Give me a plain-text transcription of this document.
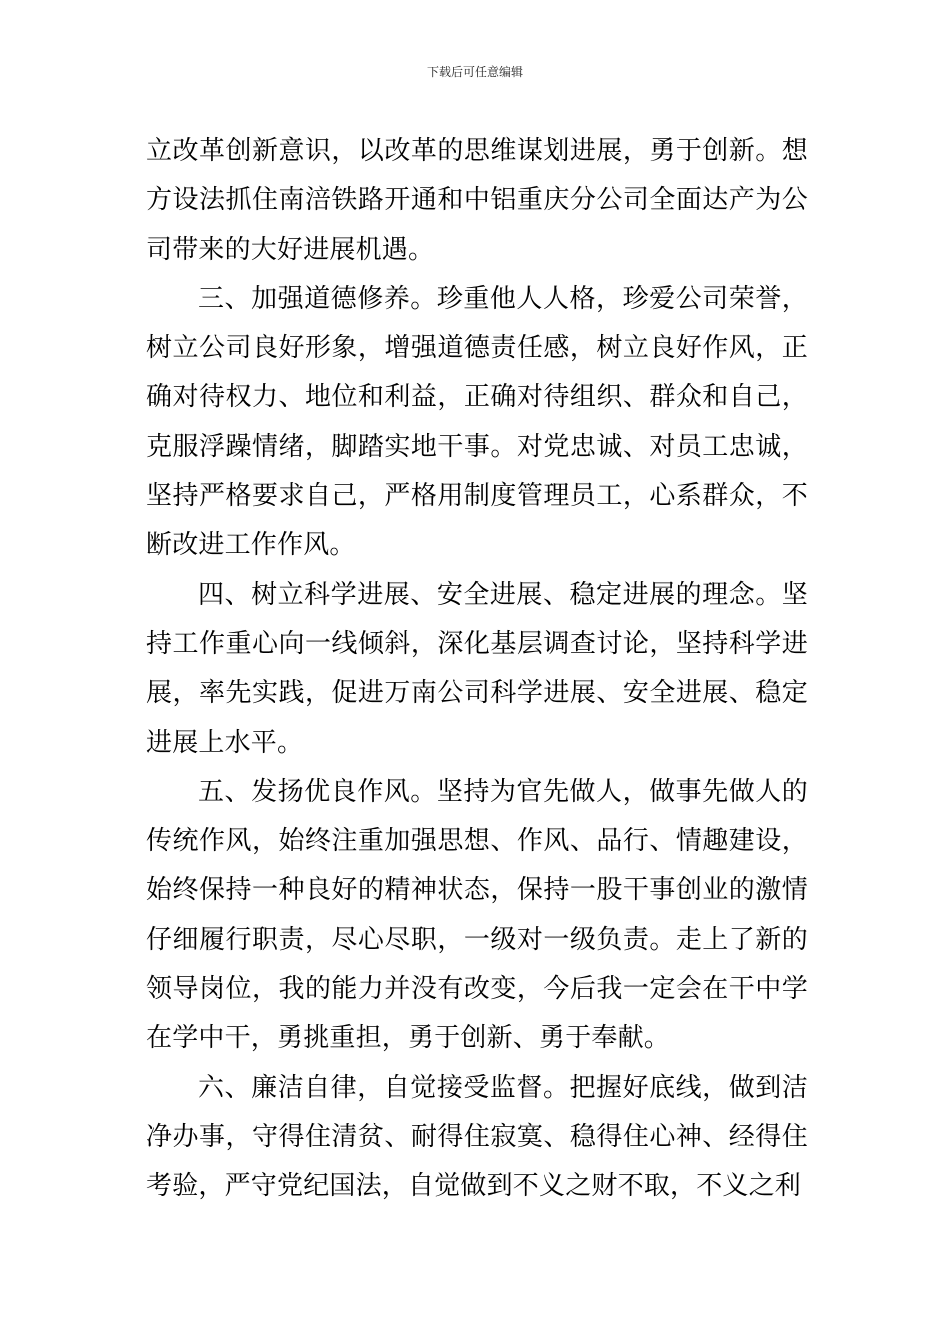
下载后可任意编辑

立改革创新意识，以改革的思维谋划进展，勇于创新。想方设法抓住南涪铁路开通和中铝重庆分公司全面达产为公司带来的大好进展机遇。

三、加强道德修养。珍重他人人格，珍爱公司荣誉，树立公司良好形象，增强道德责任感，树立良好作风，正确对待权力、地位和利益，正确对待组织、群众和自己，克服浮躁情绪，脚踏实地干事。对党忠诚、对员工忠诚，坚持严格要求自己，严格用制度管理员工，心系群众，不断改进工作作风。

四、树立科学进展、安全进展、稳定进展的理念。坚持工作重心向一线倾斜，深化基层调查讨论，坚持科学进展，率先实践，促进万南公司科学进展、安全进展、稳定进展上水平。

五、发扬优良作风。坚持为官先做人，做事先做人的传统作风，始终注重加强思想、作风、品行、情趣建设，始终保持一种良好的精神状态，保持一股干事创业的激情仔细履行职责，尽心尽职，一级对一级负责。走上了新的领导岗位，我的能力并没有改变，今后我一定会在干中学在学中干，勇挑重担，勇于创新、勇于奉献。

六、廉洁自律，自觉接受监督。把握好底线，做到洁净办事，守得住清贫、耐得住寂寞、稳得住心神、经得住考验，严守党纪国法，自觉做到不义之财不取，不义之利
